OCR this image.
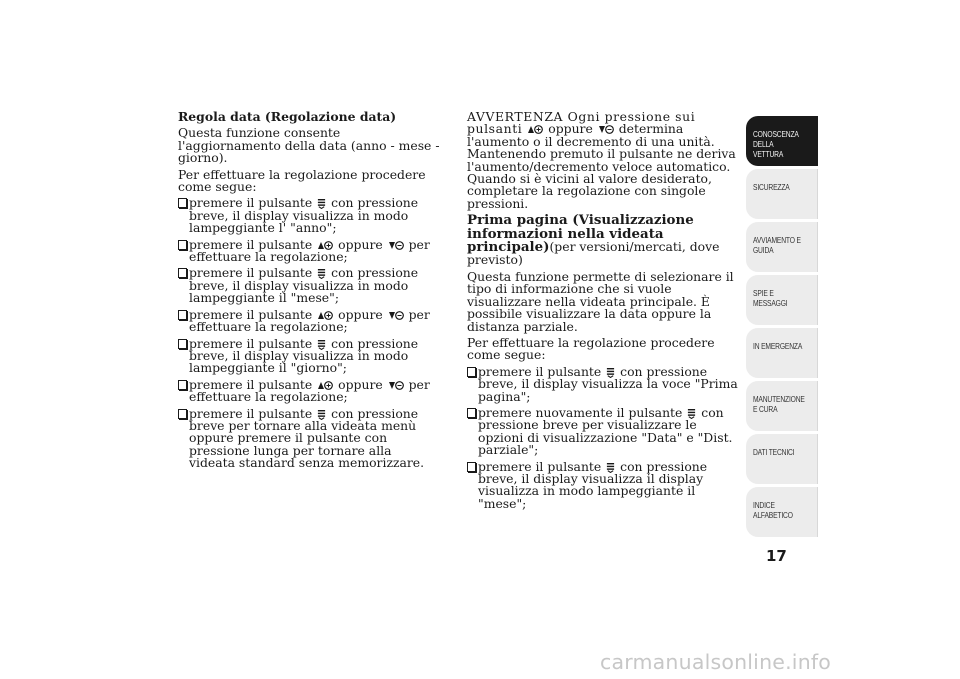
Regola data (Regolazione data)
Questa funzione consente l'aggiornamento della data (anno - mese - giorno).
Per effettuare la regolazione procedere come segue:
premere il pulsante con pressione breve, il display visualizza in modo lampeggiante l' "anno";
premere il pulsante oppure per effettuare la regolazione;
premere il pulsante con pressione breve, il display visualizza in modo lampeggiante il "mese";
premere il pulsante oppure per effettuare la regolazione;
premere il pulsante con pressione breve, il display visualizza in modo lampeggiante il "giorno";
premere il pulsante oppure per effettuare la regolazione;
premere il pulsante con pressione breve per tornare alla videata menù oppure premere il pulsante con pressione lunga per tornare alla videata standard senza memorizzare.
AVVERTENZA Ogni pressione sui pulsanti oppure determina l'aumento o il decremento di una unità. Mantenendo premuto il pulsante ne deriva l'aumento/decremento veloce automatico. Quando si è vicini al valore desiderato, completare la regolazione con singole pressioni.
Prima pagina (Visualizzazione informazioni nella videata principale)(per versioni/mercati, dove previsto)
Questa funzione permette di selezionare il tipo di informazione che si vuole visualizzare nella videata principale. È possibile visualizzare la data oppure la distanza parziale.
Per effettuare la regolazione procedere come segue:
premere il pulsante con pressione breve, il display visualizza la voce "Prima pagina";
premere nuovamente il pulsante con pressione breve per visualizzare le opzioni di visualizzazione "Data" e "Dist. parziale";
premere il pulsante con pressione breve, il display visualizza il display visualizza in modo lampeggiante il "mese";
CONOSCENZA DELLA VETTURA
SICUREZZA
AVVIAMENTO E GUIDA
SPIE E MESSAGGI
IN EMERGENZA
MANUTENZIONE E CURA
DATI TECNICI
INDICE ALFABETICO
17
carmanualsonline.info
